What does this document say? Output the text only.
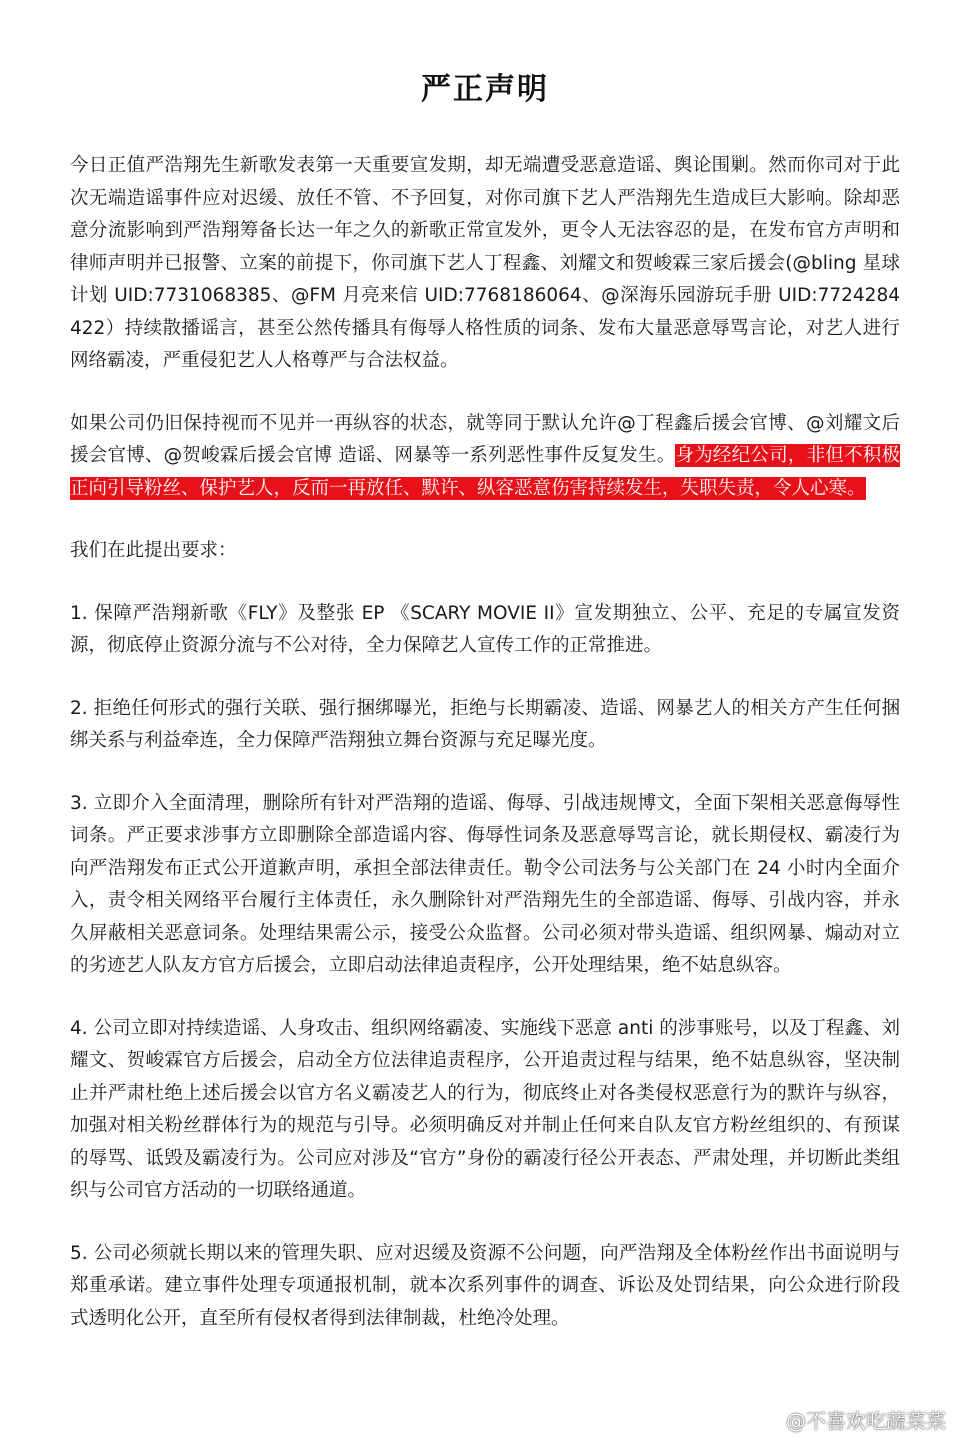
严正声明

今日正值严浩翔先生新歌发表第一天重要宣发期，却无端遭受恶意造谣、舆论围剿。然而你司对于此次无端造谣事件应对迟缓、放任不管、不予回复，对你司旗下艺人严浩翔先生造成巨大影响。除却恶意分流影响到严浩翔筹备长达一年之久的新歌正常宣发外，更令人无法容忍的是，在发布官方声明和律师声明并已报警、立案的前提下，你司旗下艺人丁程鑫、刘耀文和贺峻霖三家后援会(@bling 星球计划 UID:7731068385、@FM 月亮来信 UID:7768186064、@深海乐园游玩手册 UID:7724284422）持续散播谣言，甚至公然传播具有侮辱人格性质的词条、发布大量恶意辱骂言论，对艺人进行网络霸凌，严重侵犯艺人人格尊严与合法权益。

如果公司仍旧保持视而不见并一再纵容的状态，就等同于默认允许@丁程鑫后援会官博、@刘耀文后援会官博、@贺峻霖后援会官博 造谣、网暴等一系列恶性事件反复发生。身为经纪公司，非但不积极正向引导粉丝、保护艺人，反而一再放任、默许、纵容恶意伤害持续发生，失职失责，令人心寒。

我们在此提出要求：

1. 保障严浩翔新歌《FLY》及整张 EP 《SCARY MOVIE II》宣发期独立、公平、充足的专属宣发资源，彻底停止资源分流与不公对待，全力保障艺人宣传工作的正常推进。

2. 拒绝任何形式的强行关联、强行捆绑曝光，拒绝与长期霸凌、造谣、网暴艺人的相关方产生任何捆绑关系与利益牵连，全力保障严浩翔独立舞台资源与充足曝光度。

3. 立即介入全面清理，删除所有针对严浩翔的造谣、侮辱、引战违规博文，全面下架相关恶意侮辱性词条。严正要求涉事方立即删除全部造谣内容、侮辱性词条及恶意辱骂言论，就长期侵权、霸凌行为向严浩翔发布正式公开道歉声明，承担全部法律责任。勒令公司法务与公关部门在 24 小时内全面介入，责令相关网络平台履行主体责任，永久删除针对严浩翔先生的全部造谣、侮辱、引战内容，并永久屏蔽相关恶意词条。处理结果需公示，接受公众监督。公司必须对带头造谣、组织网暴、煽动对立的劣迹艺人队友方官方后援会，立即启动法律追责程序，公开处理结果，绝不姑息纵容。

4. 公司立即对持续造谣、人身攻击、组织网络霸凌、实施线下恶意 anti 的涉事账号，以及丁程鑫、刘耀文、贺峻霖官方后援会，启动全方位法律追责程序，公开追责过程与结果，绝不姑息纵容，坚决制止并严肃杜绝上述后援会以官方名义霸凌艺人的行为，彻底终止对各类侵权恶意行为的默许与纵容，加强对相关粉丝群体行为的规范与引导。必须明确反对并制止任何来自队友官方粉丝组织的、有预谋的辱骂、诋毁及霸凌行为。公司应对涉及“官方”身份的霸凌行径公开表态、严肃处理，并切断此类组织与公司官方活动的一切联络通道。

5. 公司必须就长期以来的管理失职、应对迟缓及资源不公问题，向严浩翔及全体粉丝作出书面说明与郑重承诺。建立事件处理专项通报机制，就本次系列事件的调查、诉讼及处罚结果，向公众进行阶段式透明化公开，直至所有侵权者得到法律制裁，杜绝冷处理。

@不喜欢吃蔬菜菜
